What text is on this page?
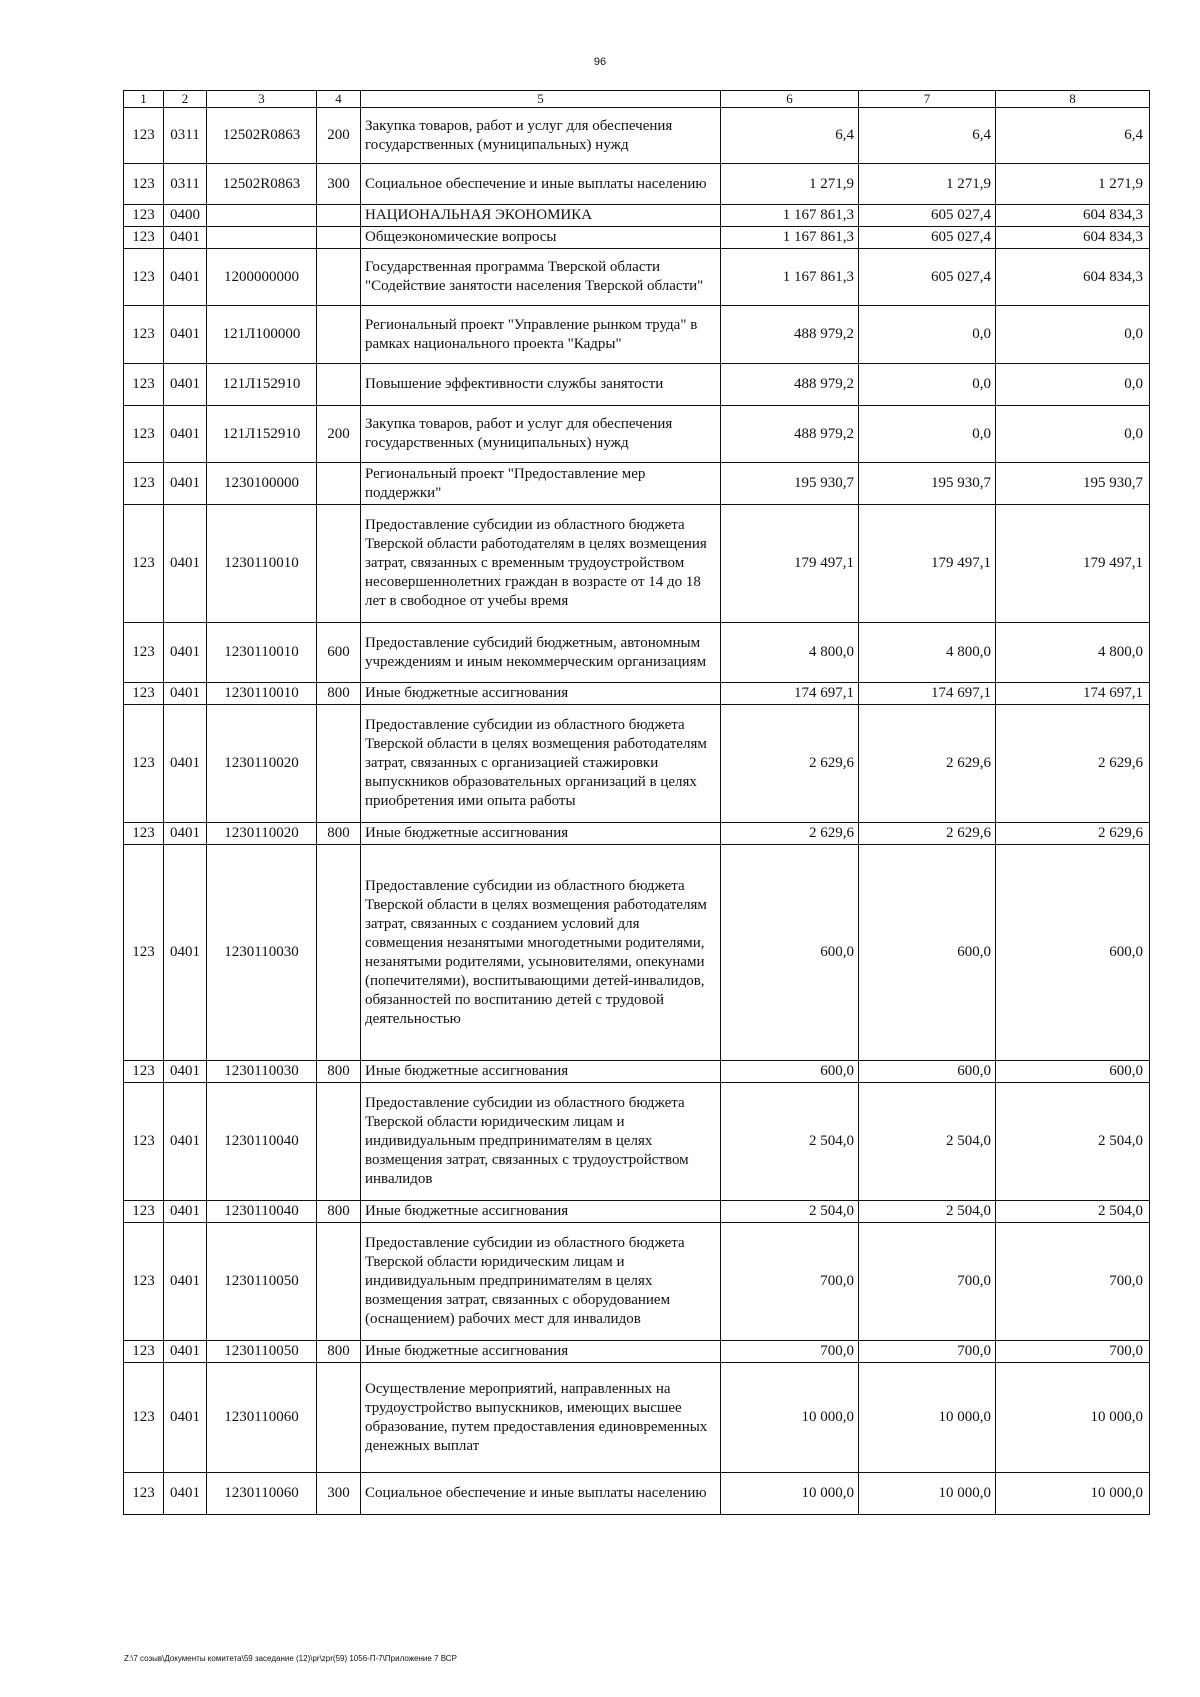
96
1	2	3	4	5	6	7	8
123	0311	12502R0863	200	Закупка товаров, работ и услуг для обеспечения государственных (муниципальных) нужд	6,4	6,4	6,4
123	0311	12502R0863	300	Социальное обеспечение и иные выплаты населению	1 271,9	1 271,9	1 271,9
123	0400			НАЦИОНАЛЬНАЯ ЭКОНОМИКА	1 167 861,3	605 027,4	604 834,3
123	0401			Общеэкономические вопросы	1 167 861,3	605 027,4	604 834,3
123	0401	1200000000		Государственная программа Тверской области "Содействие занятости населения Тверской области"	1 167 861,3	605 027,4	604 834,3
123	0401	121Л100000		Региональный проект "Управление рынком труда" в рамках национального проекта "Кадры"	488 979,2	0,0	0,0
123	0401	121Л152910		Повышение эффективности службы занятости	488 979,2	0,0	0,0
123	0401	121Л152910	200	Закупка товаров, работ и услуг для обеспечения государственных (муниципальных) нужд	488 979,2	0,0	0,0
123	0401	1230100000		Региональный проект "Предоставление мер поддержки"	195 930,7	195 930,7	195 930,7
123	0401	1230110010		Предоставление субсидии из областного бюджета Тверской области работодателям в целях возмещения затрат, связанных с временным трудоустройством несовершеннолетних граждан в возрасте от 14 до 18 лет в свободное от учебы время	179 497,1	179 497,1	179 497,1
123	0401	1230110010	600	Предоставление субсидий бюджетным, автономным учреждениям и иным некоммерческим организациям	4 800,0	4 800,0	4 800,0
123	0401	1230110010	800	Иные бюджетные ассигнования	174 697,1	174 697,1	174 697,1
123	0401	1230110020		Предоставление субсидии из областного бюджета Тверской области в целях возмещения работодателям затрат, связанных с организацией стажировки выпускников образовательных организаций в целях приобретения ими опыта работы	2 629,6	2 629,6	2 629,6
123	0401	1230110020	800	Иные бюджетные ассигнования	2 629,6	2 629,6	2 629,6
123	0401	1230110030		Предоставление субсидии из областного бюджета Тверской области в целях возмещения работодателям затрат, связанных с созданием условий для совмещения незанятыми многодетными родителями, незанятыми родителями, усыновителями, опекунами (попечителями), воспитывающими детей-инвалидов, обязанностей по воспитанию детей с трудовой деятельностью	600,0	600,0	600,0
123	0401	1230110030	800	Иные бюджетные ассигнования	600,0	600,0	600,0
123	0401	1230110040		Предоставление субсидии из областного бюджета Тверской области юридическим лицам и индивидуальным предпринимателям в целях возмещения затрат, связанных с трудоустройством инвалидов	2 504,0	2 504,0	2 504,0
123	0401	1230110040	800	Иные бюджетные ассигнования	2 504,0	2 504,0	2 504,0
123	0401	1230110050		Предоставление субсидии из областного бюджета Тверской области юридическим лицам и индивидуальным предпринимателям в целях возмещения затрат, связанных с оборудованием (оснащением) рабочих мест для инвалидов	700,0	700,0	700,0
123	0401	1230110050	800	Иные бюджетные ассигнования	700,0	700,0	700,0
123	0401	1230110060		Осуществление мероприятий, направленных на трудоустройство выпускников, имеющих высшее образование, путем предоставления единовременных денежных выплат	10 000,0	10 000,0	10 000,0
123	0401	1230110060	300	Социальное обеспечение и иные выплаты населению	10 000,0	10 000,0	10 000,0
Z:\7 созыв\Документы комитета\59 заседание (12)\pr\zpr(59) 1056-П-7\Приложение 7 ВСР
